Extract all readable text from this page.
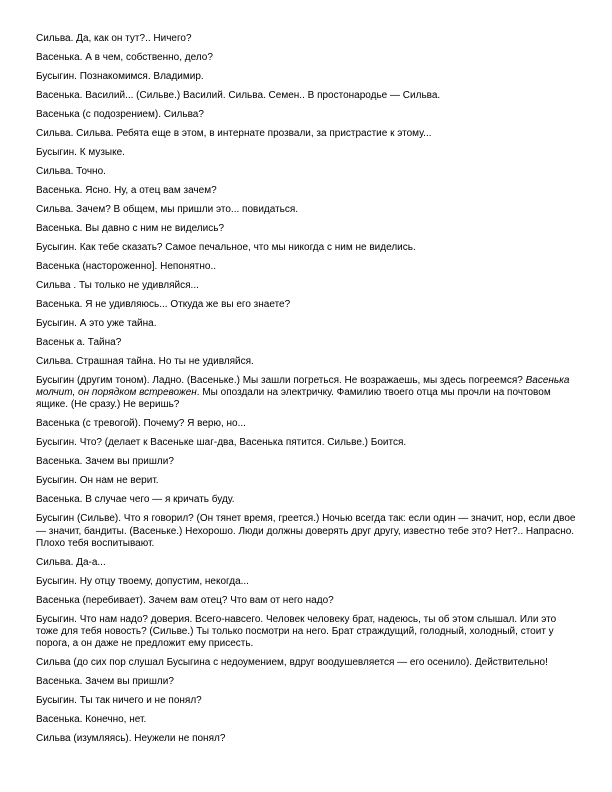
Сильва. Да, как он тут?.. Ничего?

Васенька. А в чем, собственно, дело?

Бусыгин. Познакомимся. Владимир.

Васенька. Василий... (Сильве.) Василий. Сильва. Семен.. В простонародье — Сильва.

Васенька (с подозрением). Сильва?

Сильва. Сильва. Ребята еще в этом, в интернате прозвали, за пристрастие к этому...

Бусыгин. К музыке.

Сильва. Точно.

Васенька. Ясно. Ну, а отец вам зачем?

Сильва. Зачем? В общем, мы пришли это... повидаться.

Васенька. Вы давно с ним не виделись?

Бусыгин. Как тебе сказать? Самое печальное, что мы никогда с ним не виделись.

Васенька (настороженно]. Непонятно..

Сильва . Ты только не удивляйся...

Васенька. Я не удивляюсь... Откуда же вы его знаете?

Бусыгин. А это уже тайна.

Васеньк а. Тайна?

Сильва. Страшная тайна. Но ты не удивляйся.

Бусыгин (другим тоном). Ладно. (Васеньке.) Мы зашли погреться. Не возражаешь, мы здесь погреемся? Васенька молчит, он порядком встревожен. Мы опоздали на электричку. Фамилию твоего отца мы прочли на почтовом ящике. (Не сразу.) Не веришь?

Васенька (с тревогой). Почему? Я верю, но...

Бусыгин. Что? (делает к Васеньке шаг-два, Васенька пятится. Сильве.) Боится.

Васенька. Зачем вы пришли?

Бусыгин. Он нам не верит.

Васенька. В случае чего — я кричать буду.

Бусыгин (Сильве). Что я говорил? (Он тянет время, греется.) Ночью всегда так: если один — значит, нор, если двое — значит, бандиты. (Васеньке.) Нехорошо. Люди должны доверять друг другу, известно тебе это? Нет?.. Напрасно. Плохо тебя воспитывают.

Сильва. Да-а...

Бусыгин. Ну отцу твоему, допустим, некогда...

Васенька (перебивает). Зачем вам отец? Что вам от него надо?

Бусыгин. Что нам надо? доверия. Всего-навсего. Человек человеку брат, надеюсь, ты об этом слышал. Или это тоже для тебя новость? (Сильве.) Ты только посмотри на него. Брат страждущий, голодный, холодный, стоит у порога, а он даже не предложит ему присесть.

Сильва (до сих пор слушал Бусыгина с недоумением, вдруг воодушевляется — его осенило). Действительно!

Васенька. Зачем вы пришли?

Бусыгин. Ты так ничего и не понял?

Васенька. Конечно, нет.

Сильва (изумляясь). Неужели не понял?
